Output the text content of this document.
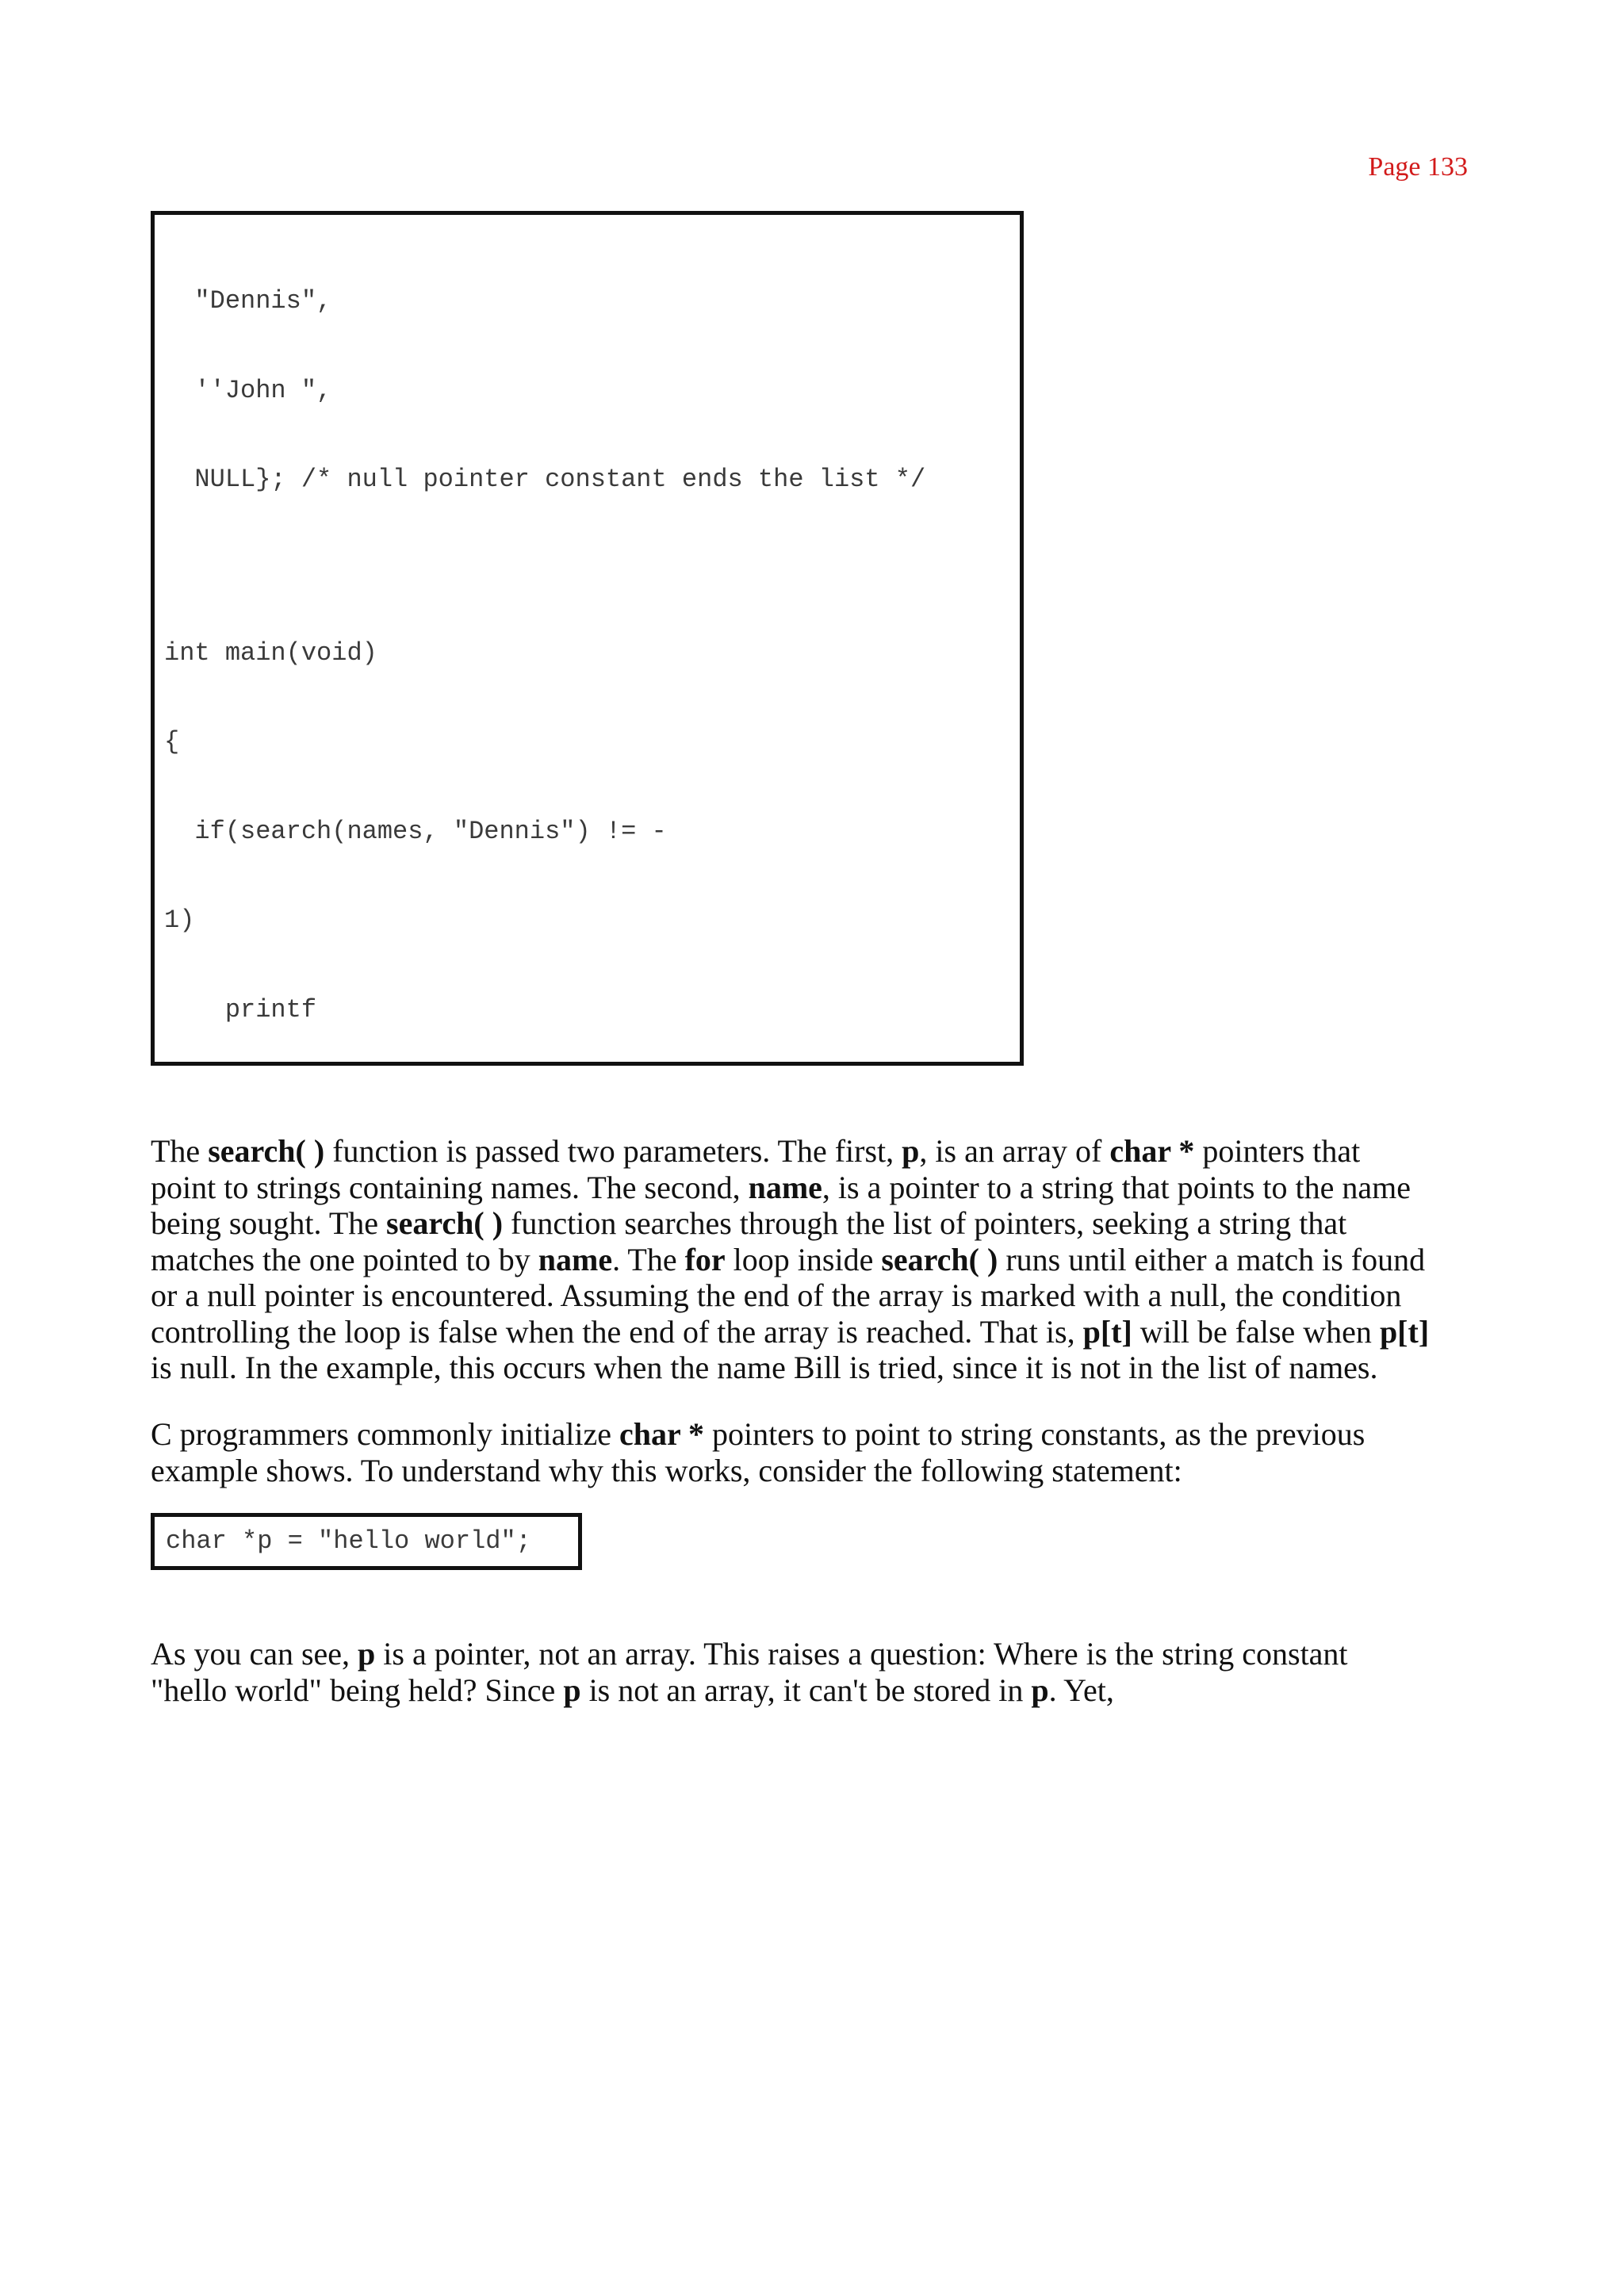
Page 133

"Dennis",

''John ",

NULL}; /* null pointer constant ends the list */

int main(void)

{

if(search(names, "Dennis") != -

1)

printf

The search( ) function is passed two parameters. The first, p, is an array of char * pointers that
point to strings containing names. The second, name, is a pointer to a string that points to the name
being sought. The search( ) function searches through the list of pointers, seeking a string that
matches the one pointed to by name. The for loop inside search( ) runs until either a match is found
or a null pointer is encountered. Assuming the end of the array is marked with a null, the condition
controlling the loop is false when the end of the array is reached. That is, p[t] will be false when p[t]
is null. In the example, this occurs when the name Bill is tried, since it is not in the list of names.
C programmers commonly initialize char * pointers to point to string constants, as the previous
example shows. To understand why this works, consider the following statement:
char *p = "hello world";
As you can see, p is a pointer, not an array. This raises a question: Where is the string constant
"hello world" being held? Since p is not an array, it can't be stored in p. Yet,
